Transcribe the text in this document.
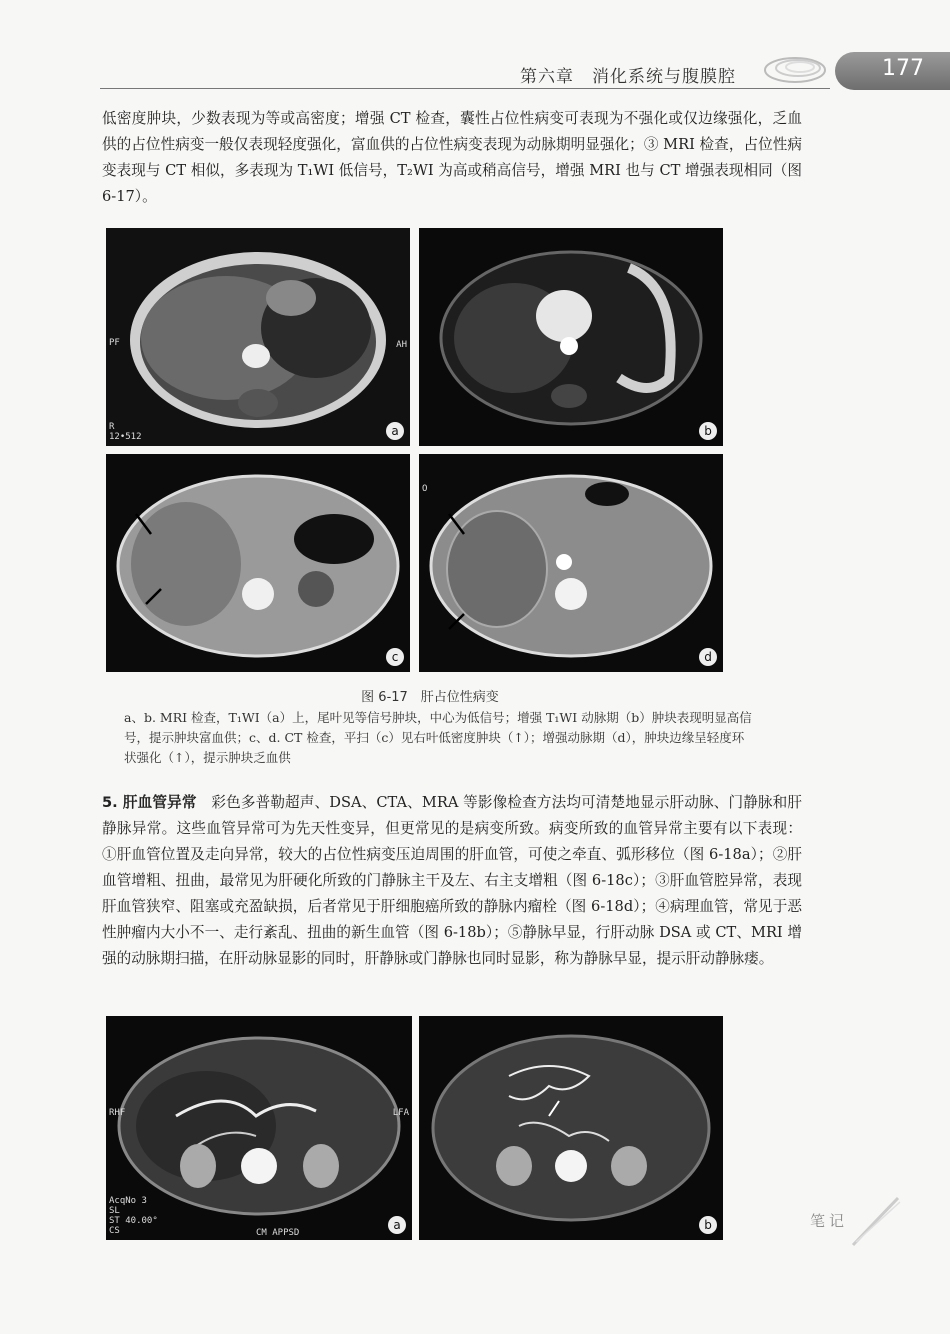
第六章　消化系统与腹膜腔	177

低密度肿块，少数表现为等或高密度；增强 CT 检查，囊性占位性病变可表现为不强化或仅边缘强化，乏血供的占位性病变一般仅表现轻度强化，富血供的占位性病变表现为动脉期明显强化；③ MRI 检查，占位性病变表现与 CT 相似，多表现为 T₁WI 低信号，T₂WI 为高或稍高信号，增强 MRI 也与 CT 增强表现相同（图 6-17）。

PF	AH
R
12•512	a	b
c
O
d
图 6-17　肝占位性病变

a、b. MRI 检查，T₁WI（a）上，尾叶见等信号肿块，中心为低信号；增强 T₁WI 动脉期（b）肿块表现明显高信号，提示肿块富血供；c、d. CT 检查，平扫（c）见右叶低密度肿块（↑）；增强动脉期（d），肿块边缘呈轻度环状强化（↑），提示肿块乏血供

5. 肝血管异常　彩色多普勒超声、DSA、CTA、MRA 等影像检查方法均可清楚地显示肝动脉、门静脉和肝静脉异常。这些血管异常可为先天性变异，但更常见的是病变所致。病变所致的血管异常主要有以下表现：①肝血管位置及走向异常，较大的占位性病变压迫周围的肝血管，可使之牵直、弧形移位（图 6-18a）；②肝血管增粗、扭曲，最常见为肝硬化所致的门静脉主干及左、右主支增粗（图 6-18c）；③肝血管腔异常，表现肝血管狭窄、阻塞或充盈缺损，后者常见于肝细胞癌所致的静脉内瘤栓（图 6-18d）；④病理血管，常见于恶性肿瘤内大小不一、走行紊乱、扭曲的新生血管（图 6-18b）；⑤静脉早显，行肝动脉 DSA 或 CT、MRI 增强的动脉期扫描，在肝动脉显影的同时，肝静脉或门静脉也同时显影，称为静脉早显，提示肝动静脉瘘。

RHF	LFA
AcqNo 3
SL
ST 40.00°
CS	CM APPSD
a	b	笔记
